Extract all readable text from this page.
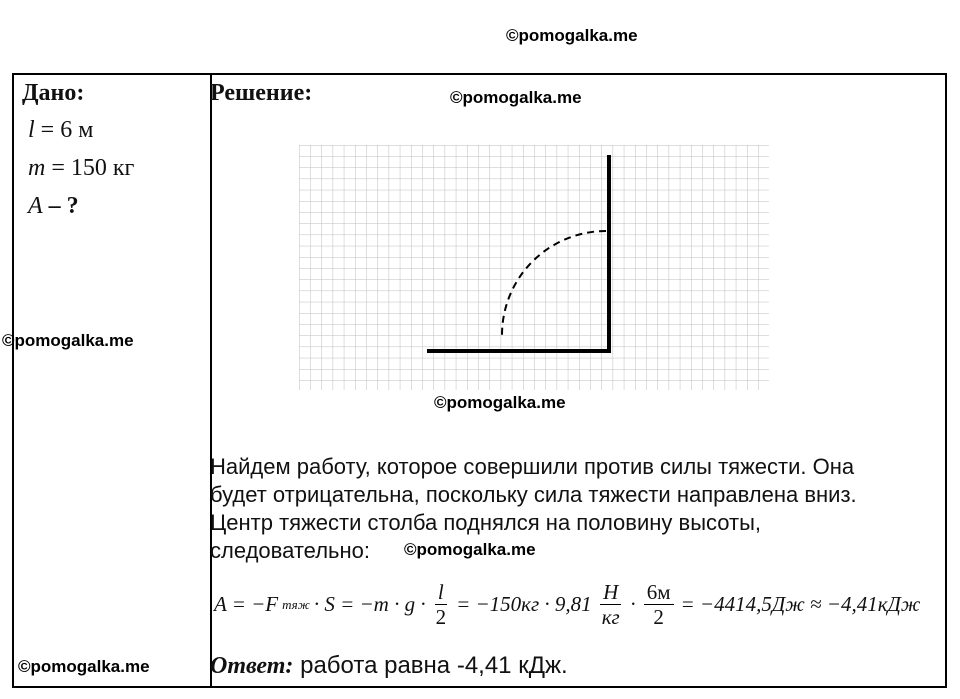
©pomogalka.me
Дано:
l = 6 м
m = 150 кг
A – ?
Решение:
Найдем работу, которое совершили против силы тяжести. Она
будет отрицательна, поскольку сила тяжести направлена вниз.
Центр тяжести столба поднялся на половину высоты,
следовательно:
A = −F тяж · $S = -m \cdot g \cdot \frac{l}{2} = -150кг \cdot 9,81 \frac{Н}{кг} \cdot \frac{6м}{2} = -4414,5Дж \approx -4,41кДж$
Ответ: работа равна -4,41 кДж.
©pomogalka.me
©pomogalka.me
©pomogalka.me
©pomogalka.me
©pomogalka.me
